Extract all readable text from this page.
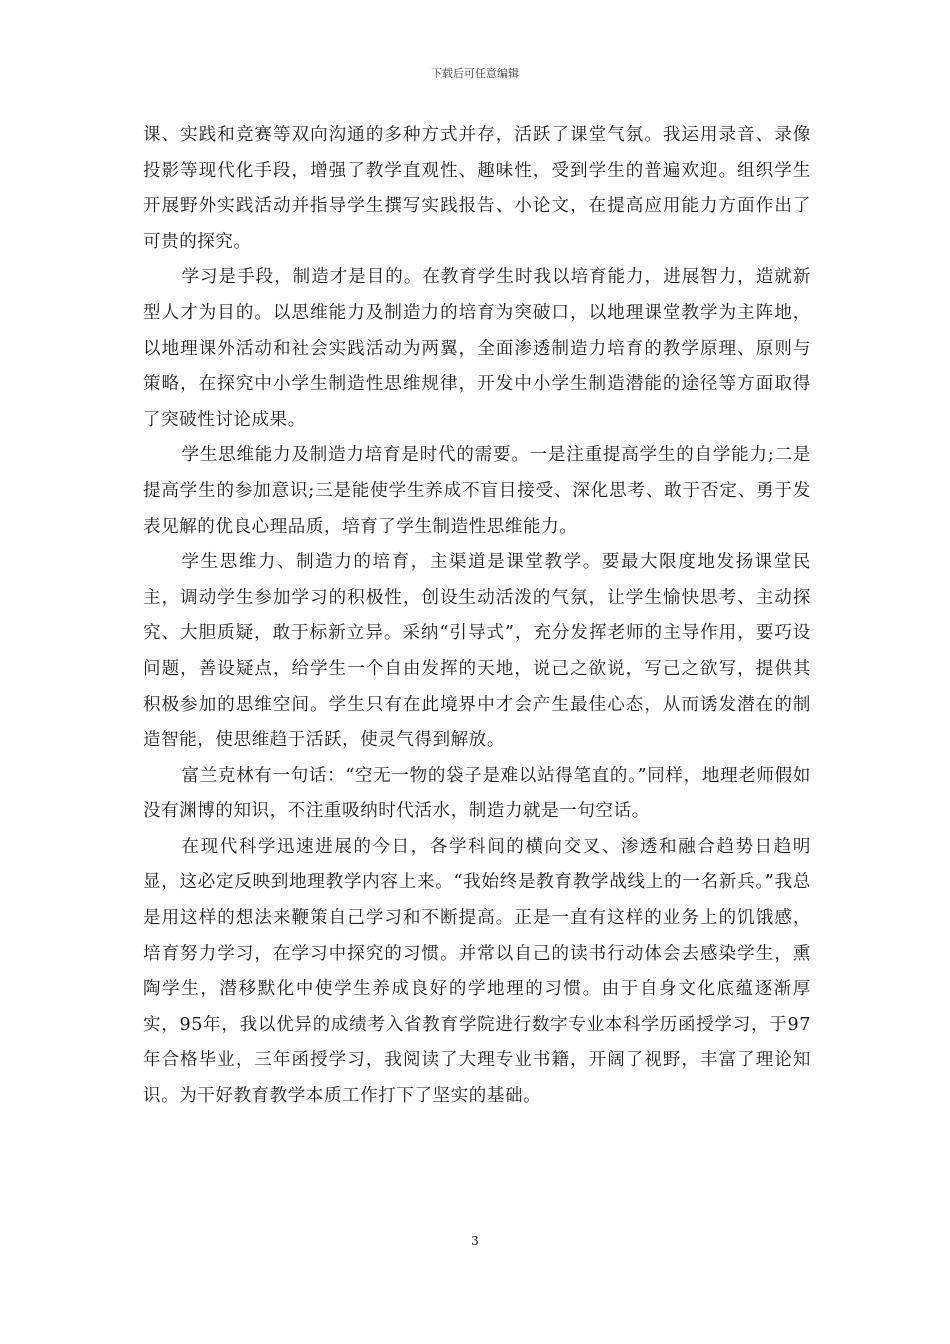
下载后可任意编辑

课、实践和竞赛等双向沟通的多种方式并存，活跃了课堂气氛。我运用录音、录像投影等现代化手段，增强了教学直观性、趣味性，受到学生的普遍欢迎。组织学生开展野外实践活动并指导学生撰写实践报告、小论文，在提高应用能力方面作出了可贵的探究。

学习是手段，制造才是目的。在教育学生时我以培育能力，进展智力，造就新型人才为目的。以思维能力及制造力的培育为突破口，以地理课堂教学为主阵地，以地理课外活动和社会实践活动为两翼，全面渗透制造力培育的教学原理、原则与策略，在探究中小学生制造性思维规律，开发中小学生制造潜能的途径等方面取得了突破性讨论成果。

学生思维能力及制造力培育是时代的需要。一是注重提高学生的自学能力;二是提高学生的参加意识;三是能使学生养成不盲目接受、深化思考、敢于否定、勇于发表见解的优良心理品质，培育了学生制造性思维能力。

学生思维力、制造力的培育，主渠道是课堂教学。要最大限度地发扬课堂民主，调动学生参加学习的积极性，创设生动活泼的气氛，让学生愉快思考、主动探究、大胆质疑，敢于标新立异。采纳“引导式”，充分发挥老师的主导作用，要巧设问题，善设疑点，给学生一个自由发挥的天地，说己之欲说，写己之欲写，提供其积极参加的思维空间。学生只有在此境界中才会产生最佳心态，从而诱发潜在的制造智能，使思维趋于活跃，使灵气得到解放。

富兰克林有一句话：“空无一物的袋子是难以站得笔直的。”同样，地理老师假如没有渊博的知识，不注重吸纳时代活水，制造力就是一句空话。

在现代科学迅速进展的今日，各学科间的横向交叉、渗透和融合趋势日趋明显，这必定反映到地理教学内容上来。“我始终是教育教学战线上的一名新兵。”我总是用这样的想法来鞭策自己学习和不断提高。正是一直有这样的业务上的饥饿感，培育努力学习，在学习中探究的习惯。并常以自己的读书行动体会去感染学生，熏陶学生，潜移默化中使学生养成良好的学地理的习惯。由于自身文化底蕴逐渐厚实，95年，我以优异的成绩考入省教育学院进行数字专业本科学历函授学习，于97年合格毕业，三年函授学习，我阅读了大理专业书籍，开阔了视野，丰富了理论知识。为干好教育教学本质工作打下了坚实的基础。

3
